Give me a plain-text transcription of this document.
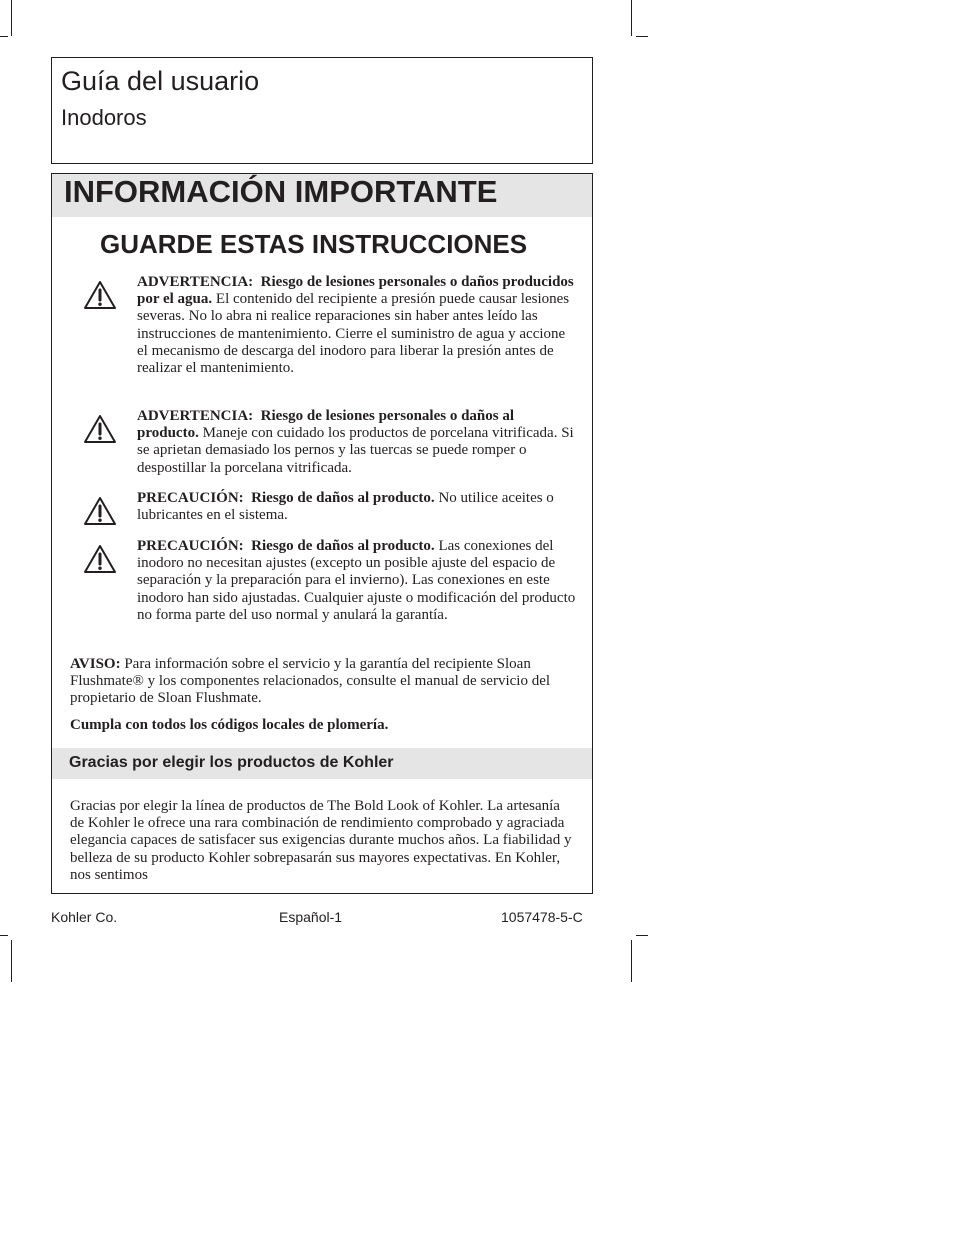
Guía del usuario

Inodoros

INFORMACIÓN IMPORTANTE
GUARDE ESTAS INSTRUCCIONES

ADVERTENCIA: Riesgo de lesiones personales o daños producidos por el agua. El contenido del recipiente a presión puede causar lesiones severas. No lo abra ni realice reparaciones sin haber antes leído las instrucciones de mantenimiento. Cierre el suministro de agua y accione el mecanismo de descarga del inodoro para liberar la presión antes de realizar el mantenimiento.

ADVERTENCIA: Riesgo de lesiones personales o daños al producto. Maneje con cuidado los productos de porcelana vitrificada. Si se aprietan demasiado los pernos y las tuercas se puede romper o despostillar la porcelana vitrificada.

PRECAUCIÓN: Riesgo de daños al producto. No utilice aceites o lubricantes en el sistema.

PRECAUCIÓN: Riesgo de daños al producto. Las conexiones del inodoro no necesitan ajustes (excepto un posible ajuste del espacio de separación y la preparación para el invierno). Las conexiones en este inodoro han sido ajustadas. Cualquier ajuste o modificación del producto no forma parte del uso normal y anulará la garantía.

AVISO: Para información sobre el servicio y la garantía del recipiente Sloan Flushmate® y los componentes relacionados, consulte el manual de servicio del propietario de Sloan Flushmate.

Cumpla con todos los códigos locales de plomería.

Gracias por elegir los productos de Kohler

Gracias por elegir la línea de productos de The Bold Look of Kohler. La artesanía de Kohler le ofrece una rara combinación de rendimiento comprobado y agraciada elegancia capaces de satisfacer sus exigencias durante muchos años. La fiabilidad y belleza de su producto Kohler sobrepasarán sus mayores expectativas. En Kohler, nos sentimos

Kohler Co.	Español-1	1057478-5-C
